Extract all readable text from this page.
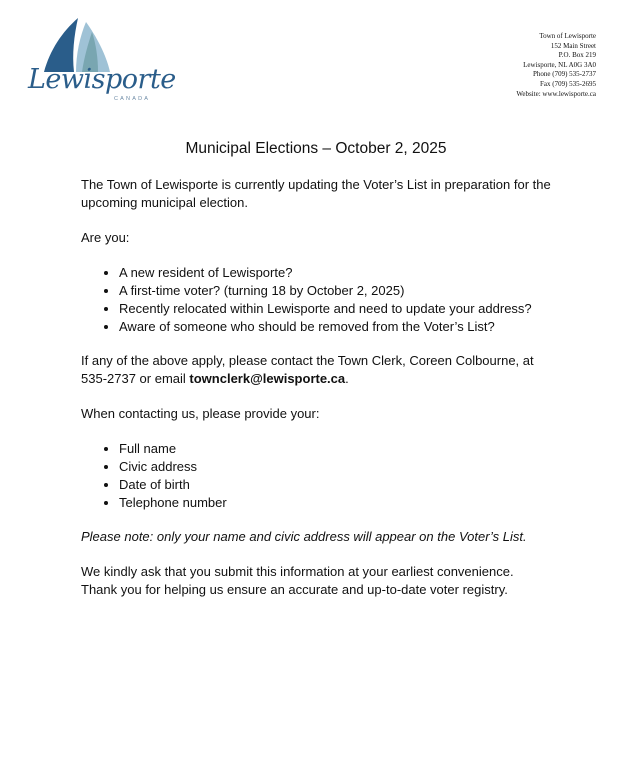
Lewisporte
CANADA
Town of Lewisporte
152 Main Street
P.O. Box 219
Lewisporte, NL A0G 3A0
Phone (709) 535-2737
Fax (709) 535-2695
Website: www.lewisporte.ca
Municipal Elections – October 2, 2025

The Town of Lewisporte is currently updating the Voter’s List in preparation for the upcoming municipal election.

Are you:

• A new resident of Lewisporte?
• A first-time voter? (turning 18 by October 2, 2025)
• Recently relocated within Lewisporte and need to update your address?
• Aware of someone who should be removed from the Voter’s List?

If any of the above apply, please contact the Town Clerk, Coreen Colbourne, at 535-2737 or email townclerk@lewisporte.ca.

When contacting us, please provide your:

• Full name
• Civic address
• Date of birth
• Telephone number

Please note: only your name and civic address will appear on the Voter’s List.

We kindly ask that you submit this information at your earliest convenience.
Thank you for helping us ensure an accurate and up-to-date voter registry.
